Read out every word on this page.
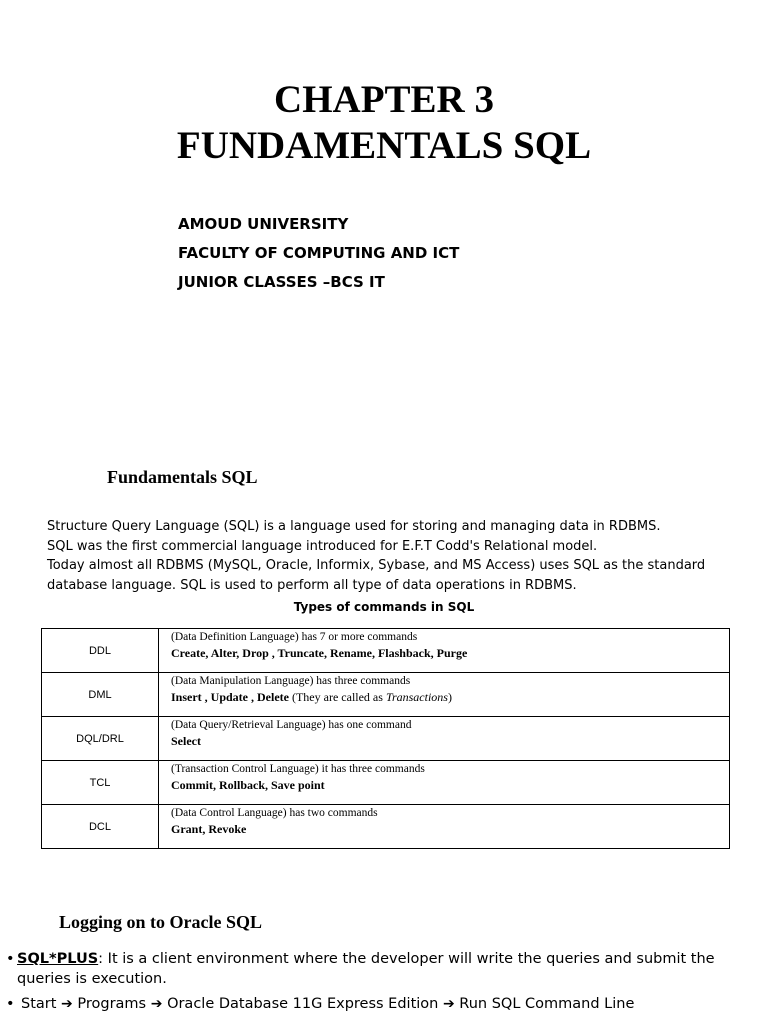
CHAPTER 3
FUNDAMENTALS SQL

AMOUD UNIVERSITY

FACULTY OF COMPUTING AND ICT

JUNIOR CLASSES –BCS IT

Fundamentals SQL

Structure Query Language (SQL) is a language used for storing and managing data in RDBMS.

SQL was the first commercial language introduced for E.F.T Codd's Relational model.

Today almost all RDBMS (MySQL, Oracle, Informix, Sybase, and MS Access) uses SQL as the standard

database language. SQL is used to perform all type of data operations in RDBMS.

Types of commands in SQL

DDL	(Data Definition Language) has 7 or more commands
Create, Alter, Drop , Truncate, Rename, Flashback, Purge

DML	(Data Manipulation Language) has three commands
Insert , Update , Delete (They are called as Transactions)

DQL/DRL	(Data Query/Retrieval Language) has one command
Select

TCL	(Transaction Control Language) it has three commands
Commit, Rollback, Save point

DCL	(Data Control Language) has two commands
Grant, Revoke
Logging on to Oracle SQL
• SQL*PLUS: It is a client environment where the developer will write the queries and submit the queries is execution.
• Start ➔ Programs ➔ Oracle Database 11G Express Edition ➔ Run SQL Command Line
